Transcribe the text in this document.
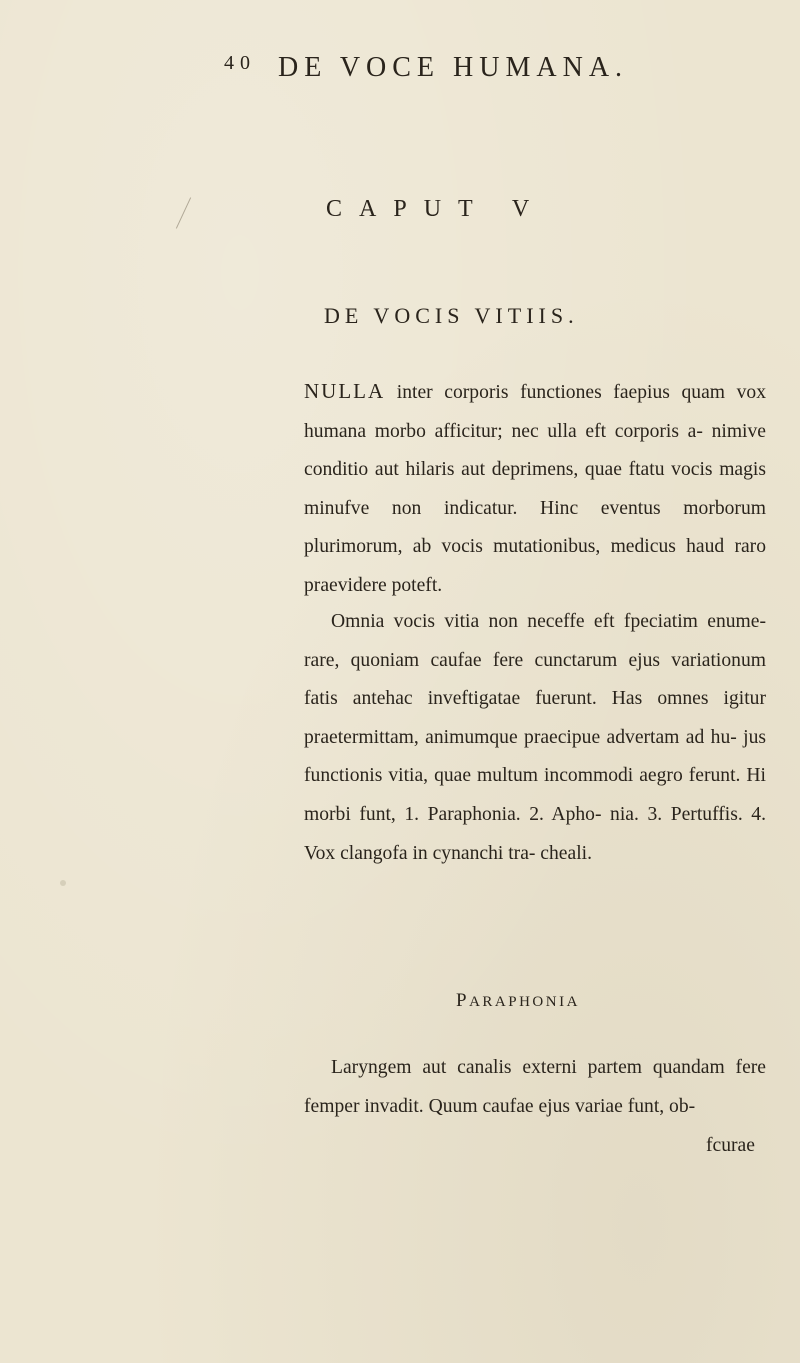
$^{40}$ DE VOCE HUMANA.
CAPUT V
DE VOCIS VITIIS.

NULLA inter corporis functiones faepius quam vox humana morbo afficitur; nec ulla eft corporis a- nimive conditio aut hilaris aut deprimens, quae ftatu vocis magis minufve non indicatur. Hinc eventus morborum plurimorum, ab vocis mutationibus, medicus haud raro praevidere poteft.

Omnia vocis vitia non neceffe eft fpeciatim enume- rare, quoniam caufae fere cunctarum ejus variationum fatis antehac inveftigatae fuerunt. Has omnes igitur praetermittam, animumque praecipue advertam ad hu- jus functionis vitia, quae multum incommodi aegro ferunt. Hi morbi funt, 1. Paraphonia. 2. Apho- nia. 3. Pertuffis. 4. Vox clangofa in cynanchi tra- cheali.

PARAPHONIA

Laryngem aut canalis externi partem quandam fere femper invadit. Quum caufae ejus variae funt, ob-

fcurae
